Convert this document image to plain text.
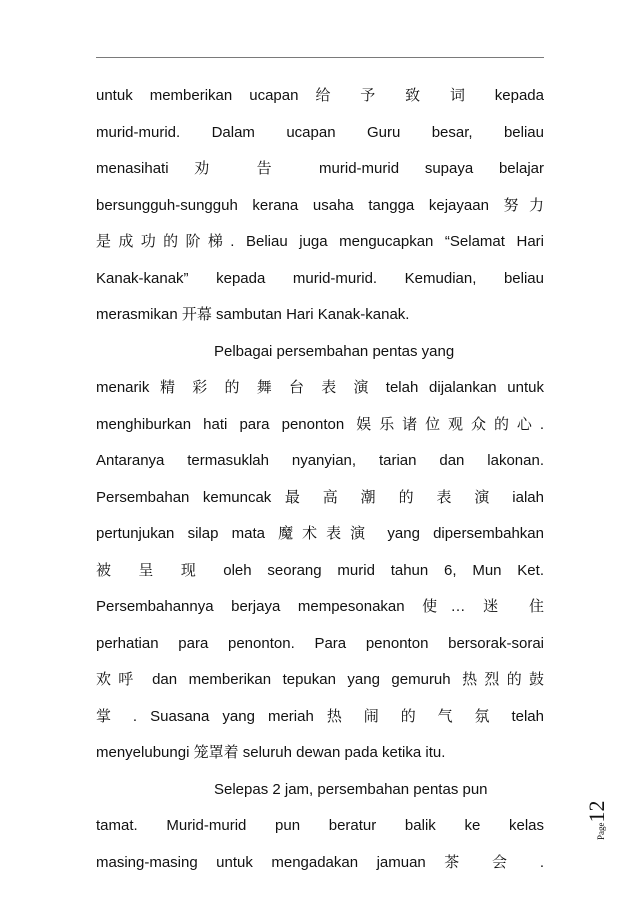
untuk memberikan ucapan 给 予 致 词 kepada
murid-murid. Dalam ucapan Guru besar, beliau
menasihati 劝 告 murid-murid supaya belajar
bersungguh-sungguh kerana usaha tangga kejayaan 努力
是成功的阶梯. Beliau juga mengucapkan “Selamat Hari
Kanak-kanak” kepada murid-murid. Kemudian, beliau
merasmikan 开幕 sambutan Hari Kanak-kanak.
Pelbagai persembahan pentas yang
menarik 精 彩 的 舞 台 表 演 telah dijalankan untuk
menghiburkan hati para penonton 娱乐诸位观众的心.
Antaranya termasuklah nyanyian, tarian dan lakonan.
Persembahan kemuncak 最 高 潮 的 表 演 ialah
pertunjukan silap mata 魔术表演 yang dipersembahkan
被 呈 现 oleh seorang murid tahun 6, Mun Ket.
Persembahannya berjaya mempesonakan 使… 迷 住
perhatian para penonton. Para penonton bersorak-sorai
欢呼 dan memberikan tepukan yang gemuruh 热烈的鼓
掌 . Suasana yang meriah 热 闹 的 气 氛 telah
menyelubungi 笼罩着 seluruh dewan pada ketika itu.
Selepas 2 jam, persembahan pentas pun
tamat. Murid-murid pun beratur balik ke kelas
masing-masing untuk mengadakan jamuan 茶 会 .
Page12
